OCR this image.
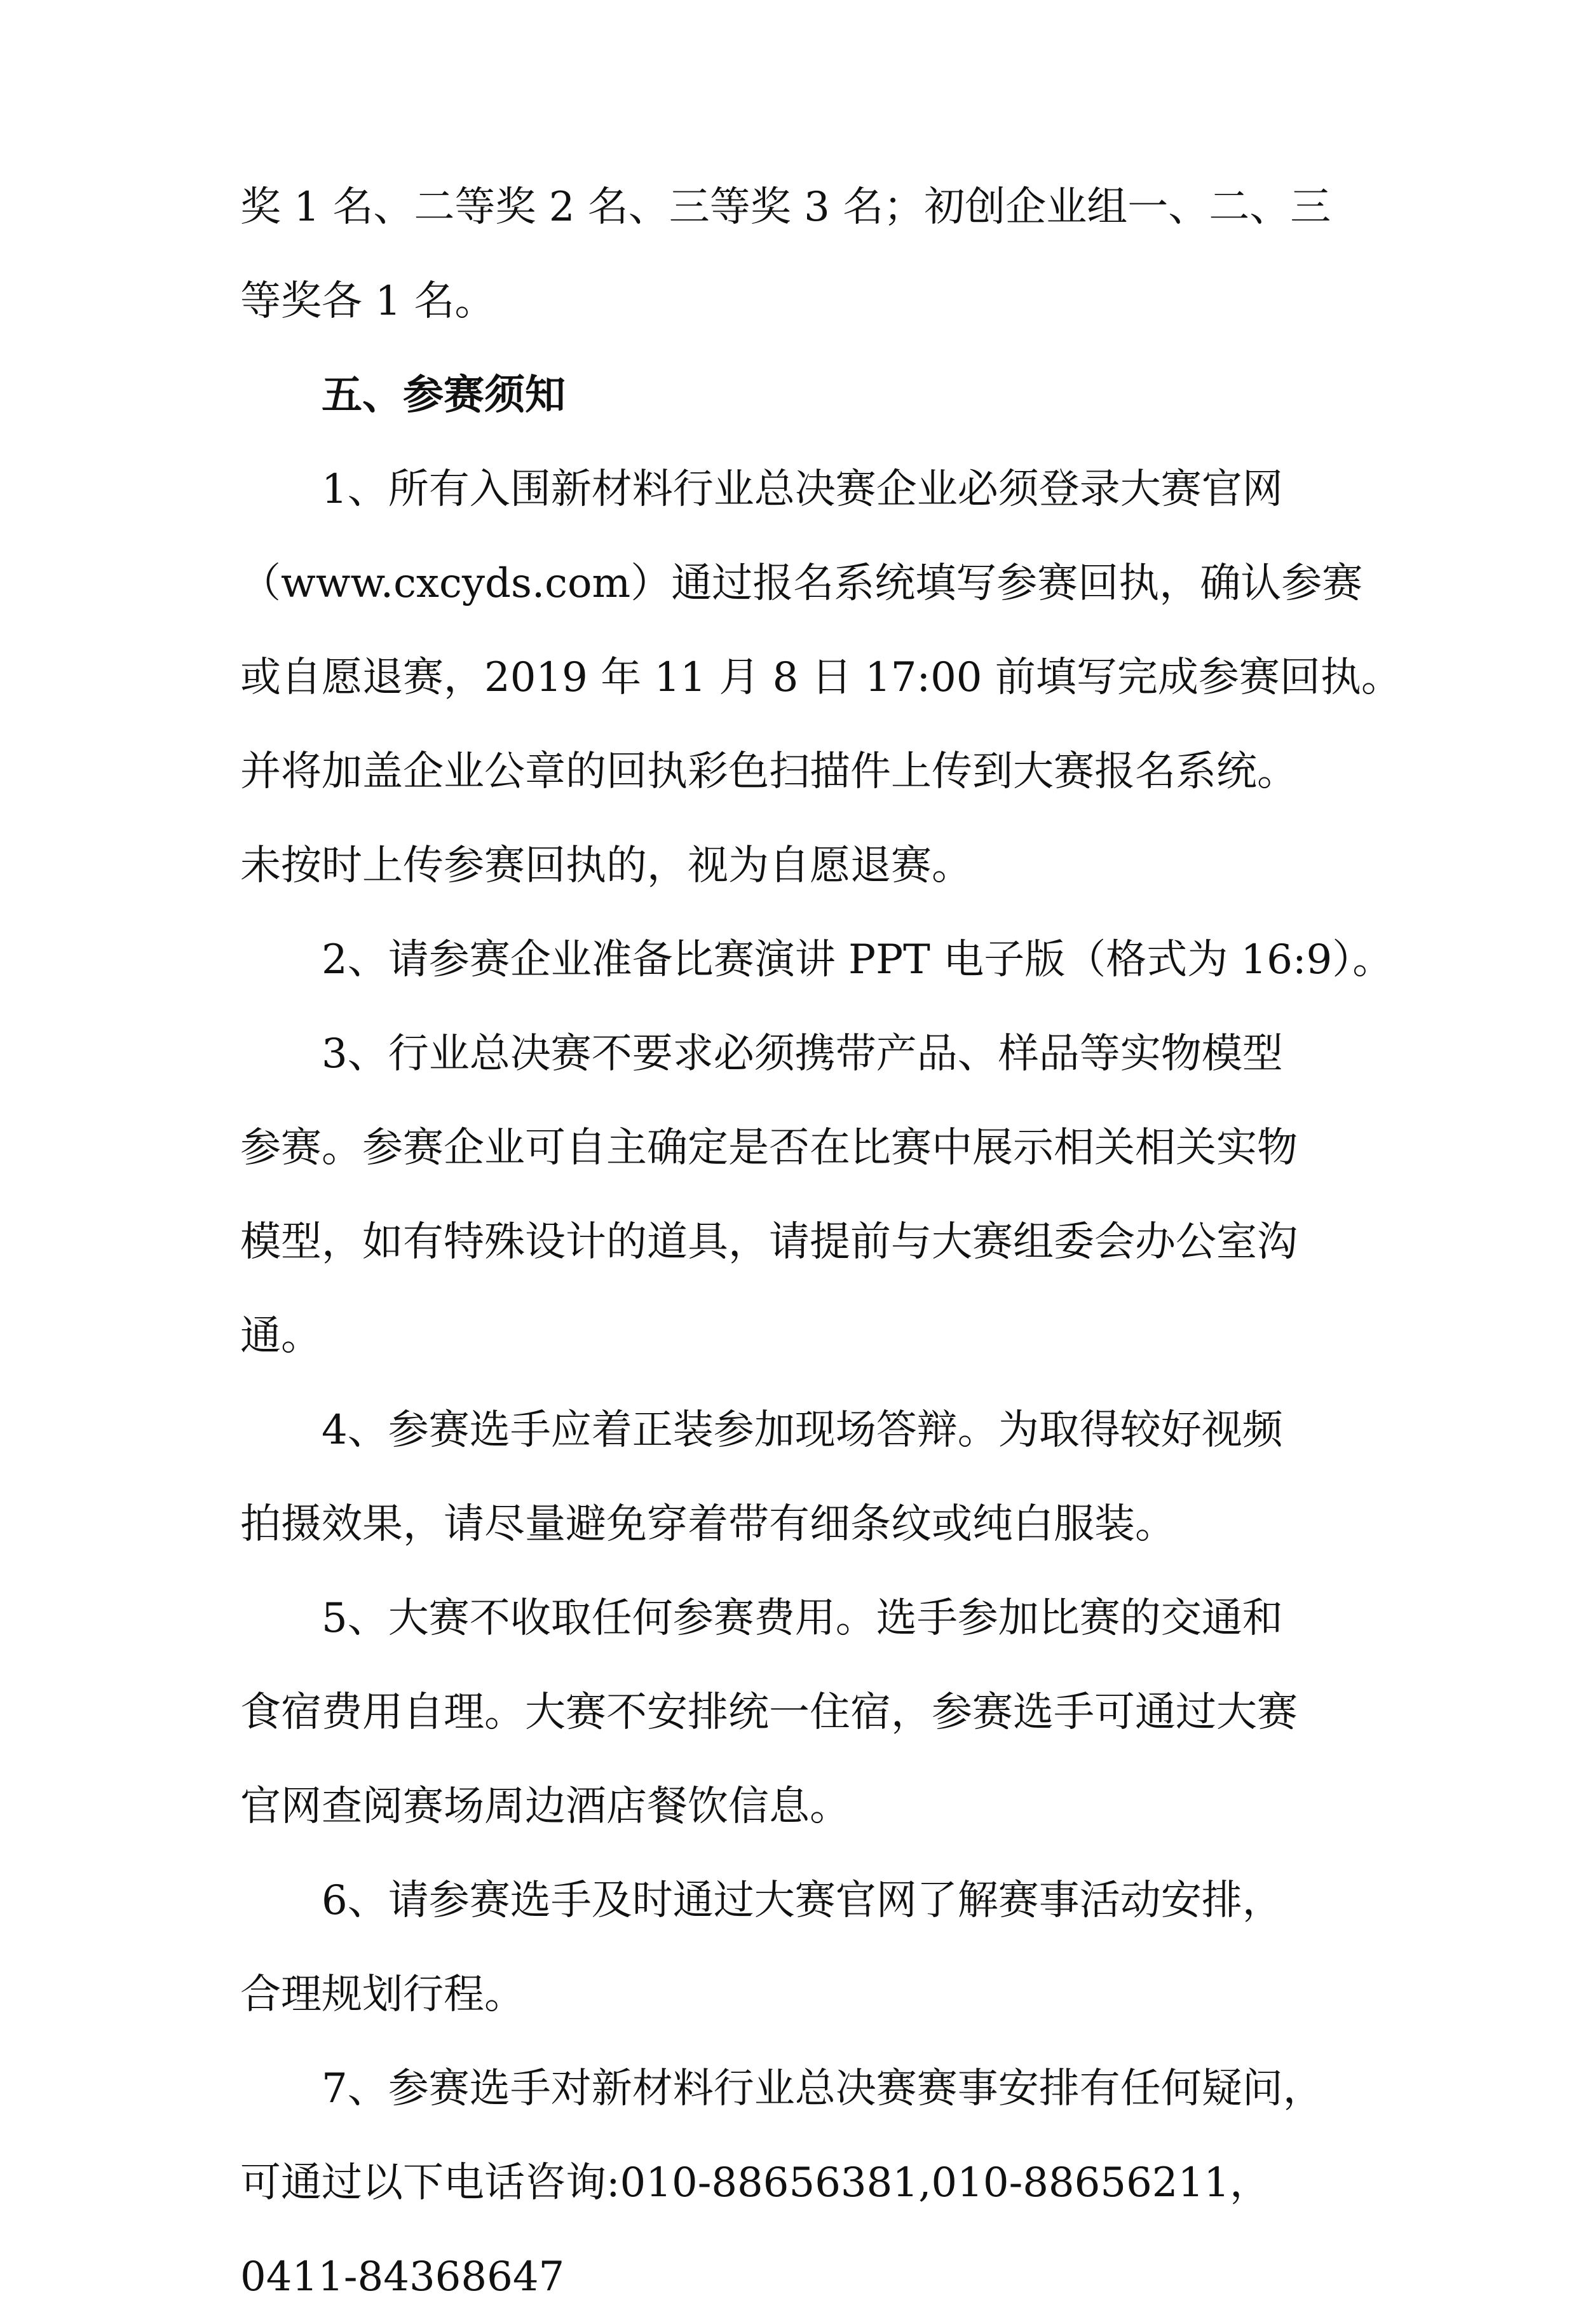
奖 1 名、二等奖 2 名、三等奖 3 名；初创企业组一、二、三
等奖各 1 名。
五、参赛须知
1、所有入围新材料行业总决赛企业必须登录大赛官网
（www.cxcyds.com）通过报名系统填写参赛回执，确认参赛
或自愿退赛，2019 年 11 月 8 日 17:00 前填写完成参赛回执。
并将加盖企业公章的回执彩色扫描件上传到大赛报名系统。
未按时上传参赛回执的，视为自愿退赛。
2、请参赛企业准备比赛演讲 PPT 电子版（格式为 16:9）。
3、行业总决赛不要求必须携带产品、样品等实物模型
参赛。参赛企业可自主确定是否在比赛中展示相关相关实物
模型，如有特殊设计的道具，请提前与大赛组委会办公室沟
通。
4、参赛选手应着正装参加现场答辩。为取得较好视频
拍摄效果，请尽量避免穿着带有细条纹或纯白服装。
5、大赛不收取任何参赛费用。选手参加比赛的交通和
食宿费用自理。大赛不安排统一住宿，参赛选手可通过大赛
官网查阅赛场周边酒店餐饮信息。
6、请参赛选手及时通过大赛官网了解赛事活动安排，
合理规划行程。
7、参赛选手对新材料行业总决赛赛事安排有任何疑问，
可通过以下电话咨询:010-88656381,010-88656211，
0411-84368647
